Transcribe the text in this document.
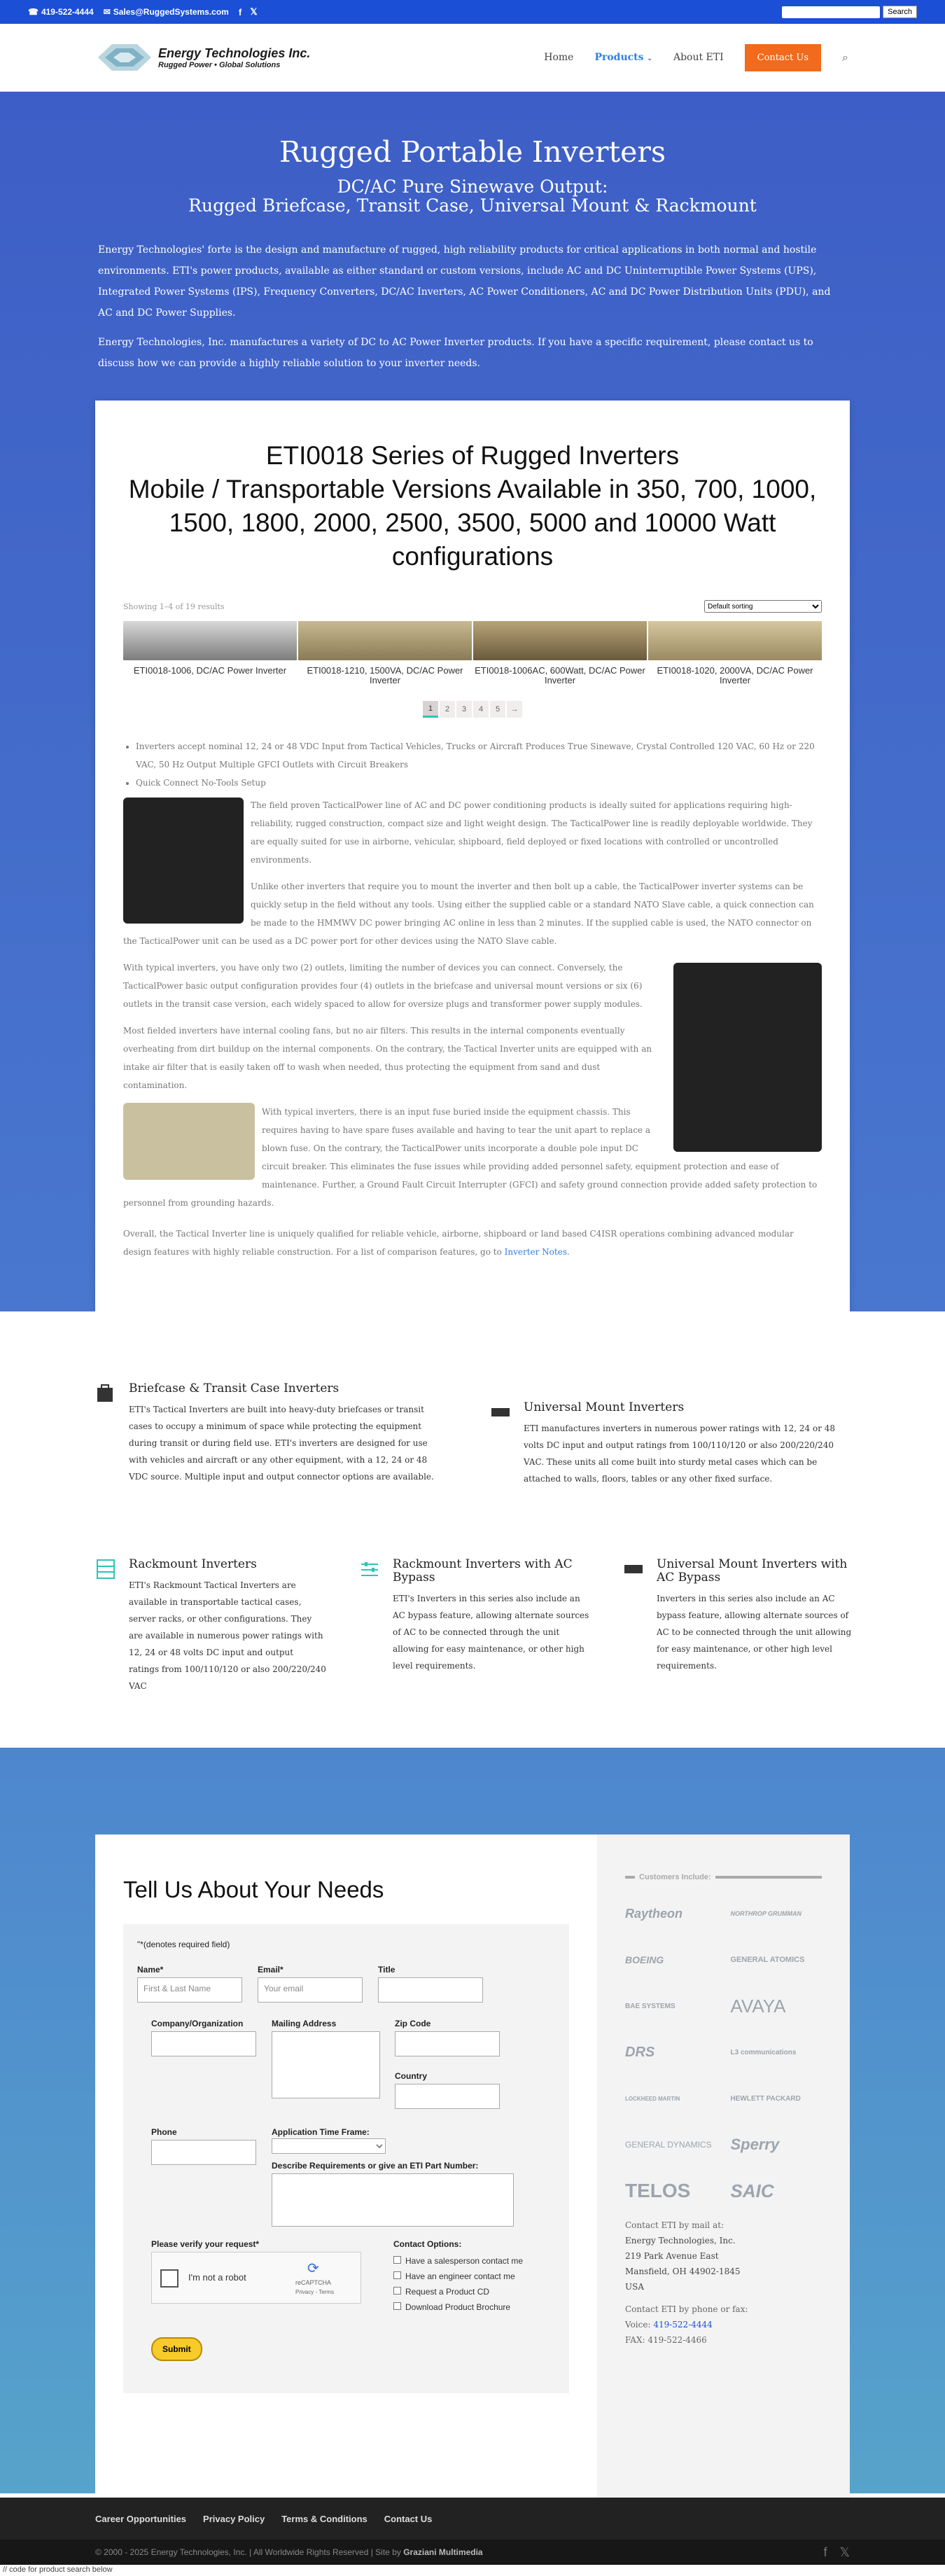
☎ 419-522-4444 ✉ Sales@RuggedSystems.com f 𝕏	Search
Energy Technologies Inc.
Rugged Power • Global Solutions
Home Products ⌄ About ETI	Contact Us	⌕
Rugged Portable Inverters
DC/AC Pure Sinewave Output:
Rugged Briefcase, Transit Case, Universal Mount & Rackmount

Energy Technologies' forte is the design and manufacture of rugged, high reliability products for critical applications in both normal and hostile environments. ETI's power products, available as either standard or custom versions, include AC and DC Uninterruptible Power Systems (UPS), Integrated Power Systems (IPS), Frequency Converters, DC/AC Inverters, AC Power Conditioners, AC and DC Power Distribution Units (PDU), and AC and DC Power Supplies.

Energy Technologies, Inc. manufactures a variety of DC to AC Power Inverter products. If you have a specific requirement, please contact us to discuss how we can provide a highly reliable solution to your inverter needs.

ETI0018 Series of Rugged Inverters
Mobile / Transportable Versions Available in 350, 700, 1000, 1500, 1800, 2000, 2500, 3500, 5000 and 10000 Watt configurations
Showing 1–4 of 19 results
Default sorting
ETI0018-1006, DC/AC Power Inverter	ETI0018-1210, 1500VA, DC/AC Power Inverter
ETI0018-1006AC, 600Watt, DC/AC Power Inverter
ETI0018-1020, 2000VA, DC/AC Power Inverter
1	2	3	4	5	→
• Inverters accept nominal 12, 24 or 48 VDC Input from Tactical Vehicles, Trucks or Aircraft Produces True Sinewave, Crystal Controlled 120 VAC, 60 Hz or 220 VAC, 50 Hz Output Multiple GFCI Outlets with Circuit Breakers
• Quick Connect No-Tools Setup

The field proven TacticalPower line of AC and DC power conditioning products is ideally suited for applications requiring high-reliability, rugged construction, compact size and light weight design. The TacticalPower line is readily deployable worldwide. They are equally suited for use in airborne, vehicular, shipboard, field deployed or fixed locations with controlled or uncontrolled environments.

Unlike other inverters that require you to mount the inverter and then bolt up a cable, the TacticalPower inverter systems can be quickly setup in the field without any tools. Using either the supplied cable or a standard NATO Slave cable, a quick connection can be made to the HMMWV DC power bringing AC online in less than 2 minutes. If the supplied cable is used, the NATO connector on the TacticalPower unit can be used as a DC power port for other devices using the NATO Slave cable.

With typical inverters, you have only two (2) outlets, limiting the number of devices you can connect. Conversely, the TacticalPower basic output configuration provides four (4) outlets in the briefcase and universal mount versions or six (6) outlets in the transit case version, each widely spaced to allow for oversize plugs and transformer power supply modules.

Most fielded inverters have internal cooling fans, but no air filters. This results in the internal components eventually overheating from dirt buildup on the internal components. On the contrary, the Tactical Inverter units are equipped with an intake air filter that is easily taken off to wash when needed, thus protecting the equipment from sand and dust contamination.

With typical inverters, there is an input fuse buried inside the equipment chassis. This requires having to have spare fuses available and having to tear the unit apart to replace a blown fuse. On the contrary, the TacticalPower units incorporate a double pole input DC circuit breaker. This eliminates the fuse issues while providing added personnel safety, equipment protection and ease of maintenance. Further, a Ground Fault Circuit Interrupter (GFCI) and safety ground connection provide added safety protection to personnel from grounding hazards.

Overall, the Tactical Inverter line is uniquely qualified for reliable vehicle, airborne, shipboard or land based C4ISR operations combining advanced modular design features with highly reliable construction. For a list of comparison features, go to Inverter Notes.

Briefcase & Transit Case Inverters

ETI's Tactical Inverters are built into heavy-duty briefcases or transit cases to occupy a minimum of space while protecting the equipment during transit or during field use. ETI's inverters are designed for use with vehicles and aircraft or any other equipment, with a 12, 24 or 48 VDC source. Multiple input and output connector options are available.

Universal Mount Inverters

ETI manufactures inverters in numerous power ratings with 12, 24 or 48 volts DC input and output ratings from 100/110/120 or also 200/220/240 VAC. These units all come built into sturdy metal cases which can be attached to walls, floors, tables or any other fixed surface.

Rackmount Inverters

ETI's Rackmount Tactical Inverters are available in transportable tactical cases, server racks, or other configurations. They are available in numerous power ratings with 12, 24 or 48 volts DC input and output ratings from 100/110/120 or also 200/220/240 VAC

Rackmount Inverters with AC Bypass

ETI's Inverters in this series also include an AC bypass feature, allowing alternate sources of AC to be connected through the unit allowing for easy maintenance, or other high level requirements.

Universal Mount Inverters with AC Bypass

Inverters in this series also include an AC bypass feature, allowing alternate sources of AC to be connected through the unit allowing for easy maintenance, or other high level requirements.

Tell Us About Your Needs
"*(denotes required field)
Name*
First & Last Name
Email*
Your email
Title
Company/Organization	Mailing Address	Zip Code
Country
Phone	Application Time Frame:
Describe Requirements or give an ETI Part Number:
Please verify your request*
I'm not a robot
⟳
reCAPTCHA
Privacy - Terms
Contact Options:
Have a salesperson contact me
Have an engineer contact me
Request a Product CD
Download Product Brochure
Submit
Customers Include:
Raytheon	NORTHROP GRUMMAN
BOEING	GENERAL ATOMICS
BAE SYSTEMS	AVAYA
DRS	L3 communications
LOCKHEED MARTIN	HEWLETT PACKARD
GENERAL DYNAMICS	Sperry
TELOS	SAIC
Contact ETI by mail at:
Energy Technologies, Inc.
219 Park Avenue East
Mansfield, OH 44902-1845
USA
Contact ETI by phone or fax:
Voice: 419-522-4444
FAX: 419-522-4466
Career Opportunities Privacy Policy Terms & Conditions Contact Us
© 2000 - 2025 Energy Technologies, Inc. | All Worldwide Rights Reserved | Site by
Graziani Multimedia	f 𝕏
// code for product search below
